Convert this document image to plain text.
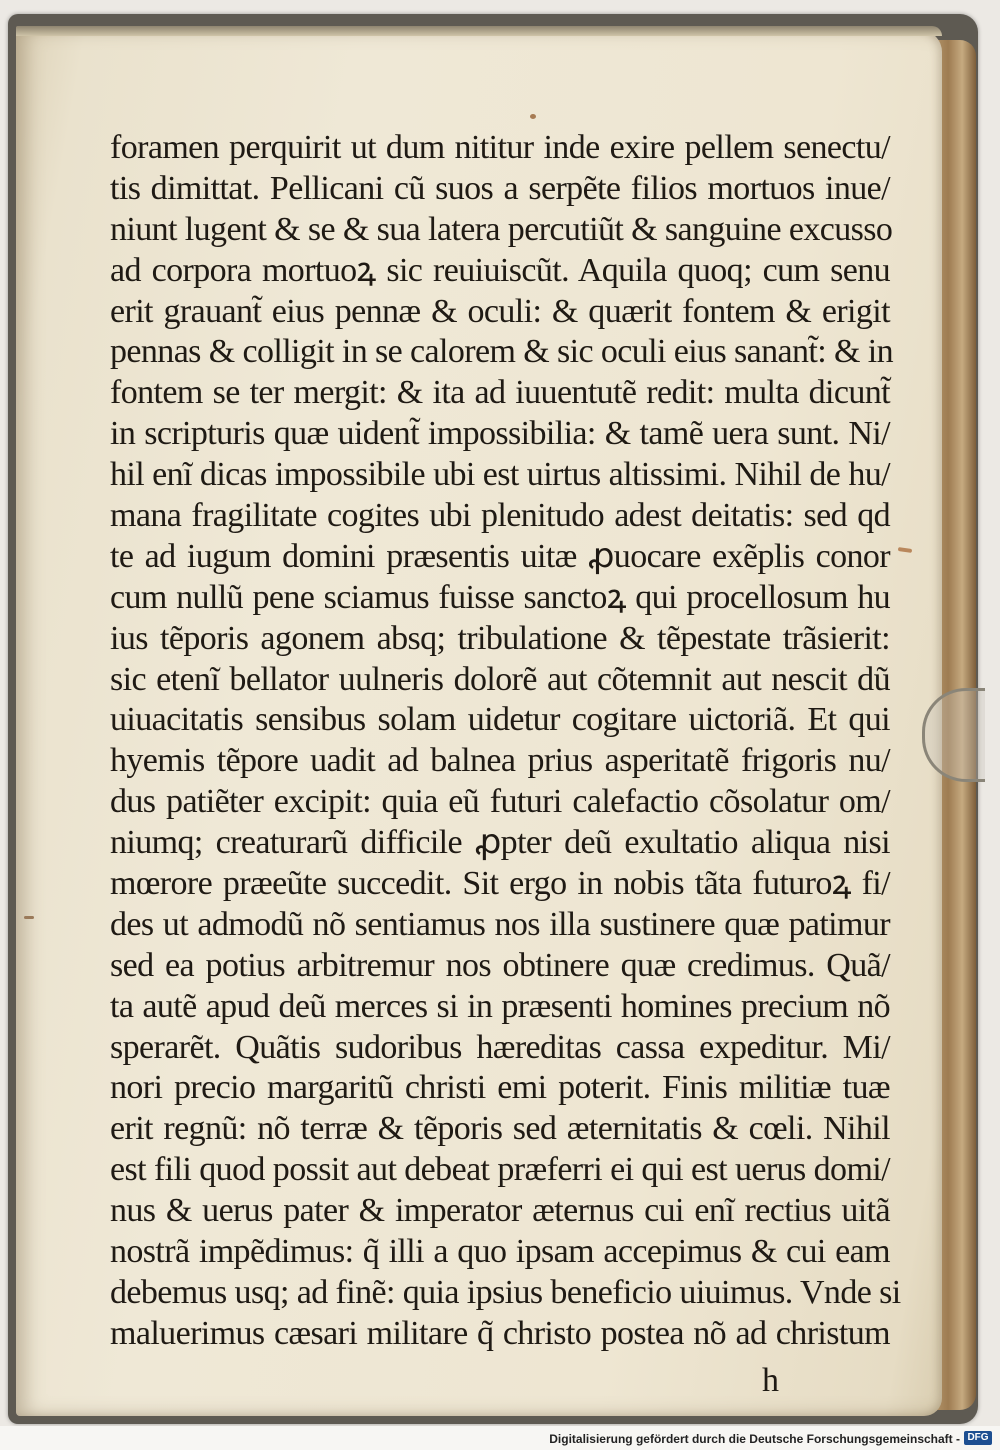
foramen perquirit ut dum nititur inde exire pellem senectu/
tis dimittat. Pellicani cũ suos a serpẽte filios mortuos inue/
niunt lugent & se & sua latera percutiũt & sanguine excusso
ad corpora mortuoꝝ sic reuiuiscũt. Aquila quoq; cum senu
erit grauant̃ eius pennæ & oculi: & quærit fontem & erigit
pennas & colligit in se calorem & sic oculi eius sanant̃: & in
fontem se ter mergit: & ita ad iuuentutẽ redit: multa dicunt̃
in scripturis quæ uident̃ impossibilia: & tamẽ uera sunt. Ni/
hil enĩ dicas impossibile ubi est uirtus altissimi. Nihil de hu/
mana fragilitate cogites ubi plenitudo adest deitatis: sed qd
te ad iugum domini præsentis uitæ ꝓuocare exẽplis conor
cum nullũ pene sciamus fuisse sanctoꝝ qui procellosum hu
ius tẽporis agonem absq; tribulatione & tẽpestate trãsierit:
sic etenĩ bellator uulneris dolorẽ aut cõtemnit aut nescit dũ
uiuacitatis sensibus solam uidetur cogitare uictoriã. Et qui
hyemis tẽpore uadit ad balnea prius asperitatẽ frigoris nu/
dus patiẽter excipit: quia eũ futuri calefactio cõsolatur om/
niumq; creaturarũ difficile ꝓpter deũ exultatio aliqua nisi
mœrore præeũte succedit. Sit ergo in nobis tãta futuroꝝ fi/
des ut admodũ nõ sentiamus nos illa sustinere quæ patimur
sed ea potius arbitremur nos obtinere quæ credimus. Quã/
ta autẽ apud deũ merces si in præsenti homines precium nõ
sperarẽt. Quãtis sudoribus hæreditas cassa expeditur. Mi/
nori precio margaritũ christi emi poterit. Finis militiæ tuæ
erit regnũ: nõ terræ & tẽporis sed æternitatis & cœli. Nihil
est fili quod possit aut debeat præferri ei qui est uerus domi/
nus & uerus pater & imperator æternus cui enĩ rectius uitã
nostrã impẽdimus: q̃ illi a quo ipsam accepimus & cui eam
debemus usq; ad finẽ: quia ipsius beneficio uiuimus. Vnde si
maluerimus cæsari militare q̃ christo postea nõ ad christum
h
Digitalisierung gefördert durch die Deutsche Forschungsgemeinschaft - DFG
